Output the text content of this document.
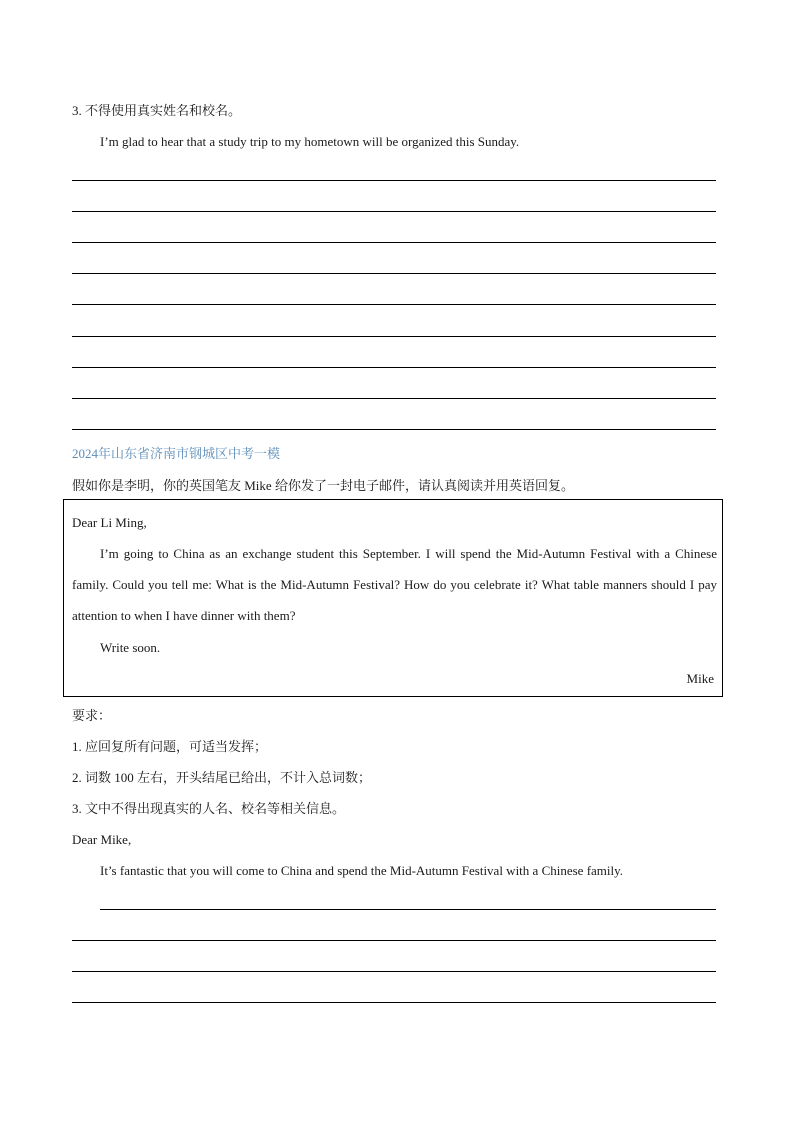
3. 不得使用真实姓名和校名。
I’m glad to hear that a study trip to my hometown will be organized this Sunday.
2024年山东省济南市钢城区中考一模
假如你是李明，你的英国笔友 Mike 给你发了一封电子邮件，请认真阅读并用英语回复。
Dear Li Ming,
I’m going to China as an exchange student this September. I will spend the Mid-Autumn Festival with a Chinese family. Could you tell me: What is the Mid-Autumn Festival? How do you celebrate it? What table manners should I pay attention to when I have dinner with them?
Write soon.
Mike
要求：
1. 应回复所有问题，可适当发挥；
2. 词数 100 左右，开头结尾已给出，不计入总词数；
3. 文中不得出现真实的人名、校名等相关信息。
Dear Mike,
It’s fantastic that you will come to China and spend the Mid-Autumn Festival with a Chinese family.
